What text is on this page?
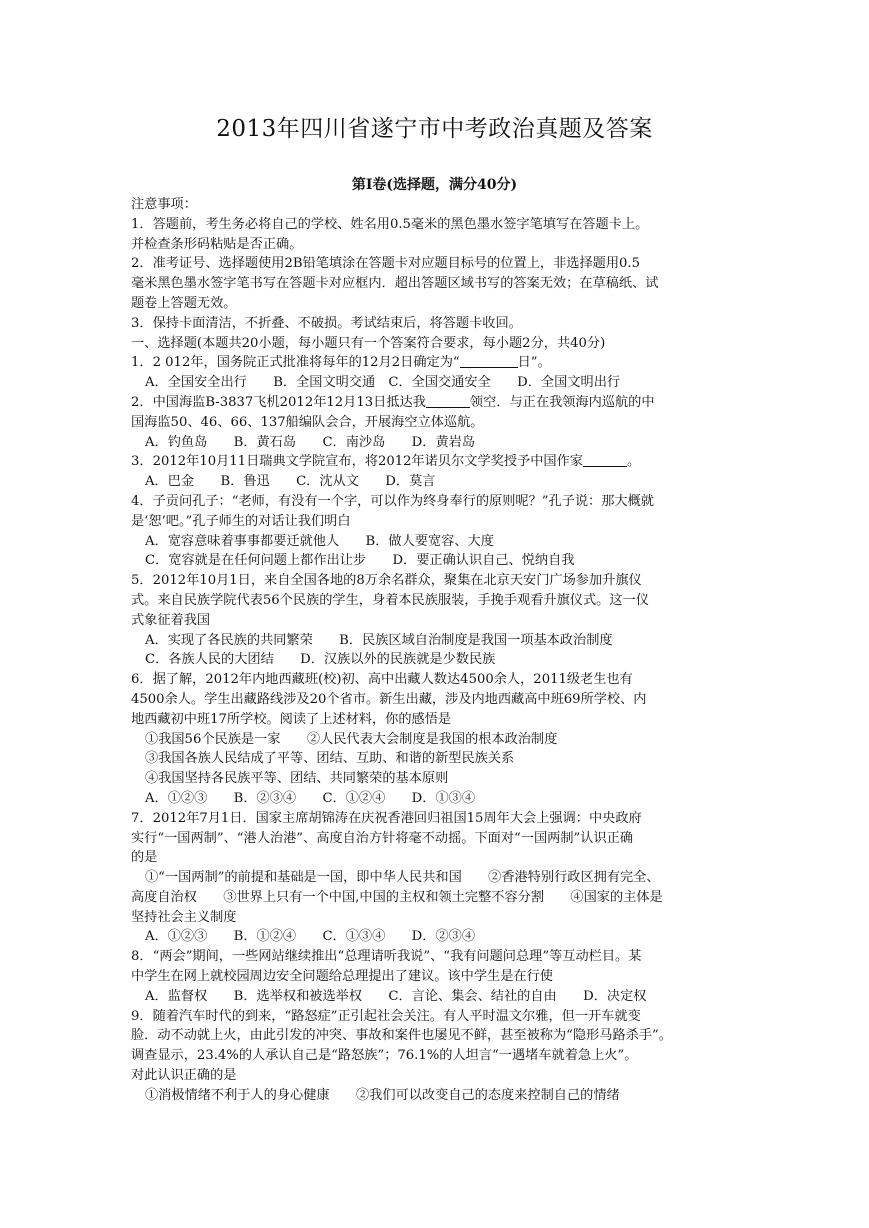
2013年四川省遂宁市中考政治真题及答案
第Ⅰ卷(选择题，满分40分)
注意事项：
1．答题前，考生务必将自己的学校、姓名用0.5毫米的黑色墨水签字笔填写在答题卡上。
并检查条形码粘贴是否正确。
2．准考证号、选择题使用2B铅笔填涂在答题卡对应题目标号的位置上，非选择题用0.5
毫米黑色墨水签字笔书写在答题卡对应框内．超出答题区域书写的答案无效；在草稿纸、试
题卷上答题无效。
3．保持卡面清洁，不折叠、不破损。考试结束后，将答题卡收回。
一、选择题(本题共20小题，每小题只有一个答案符合要求，每小题2分，共40分)
1．2 012年，国务院正式批准将每年的12月2日确定为“	日”。
A．全国安全出行　　B．全国文明交通　C．全国交通安全　　D．全国文明出行
2．中国海监B-3837飞机2012年12月13日抵达我	领空．与正在我领海内巡航的中
国海监50、46、66、137船编队会合，开展海空立体巡航。
A．钓鱼岛　　B．黄石岛　　C．南沙岛　　D．黄岩岛
3．2012年10月11日瑞典文学院宣布，将2012年诺贝尔文学奖授予中国作家	。
A．巴金　　B．鲁迅　　C．沈从文　　D．莫言
4．子贡问孔子：“老师，有没有一个字，可以作为终身奉行的原则呢？”孔子说：那大概就
是‘恕’吧。”孔子师生的对话让我们明白
A．宽容意味着事事都要迁就他人　　B．做人要宽容、大度
C．宽容就是在任何问题上都作出让步　　D．要正确认识自己、悦纳自我
5．2012年10月1日，来自全国各地的8万余名群众，聚集在北京天安门广场参加升旗仪
式。来自民族学院代表56个民族的学生，身着本民族服装，手挽手观看升旗仪式。这一仪
式象征着我国
A．实现了各民族的共同繁荣　　B．民族区域自治制度是我国一项基本政治制度
C．各族人民的大团结　　D．汉族以外的民族就是少数民族
6．据了解，2012年内地西藏班(校)初、高中出藏人数达4500余人，2011级老生也有
4500余人。学生出藏路线涉及20个省市。新生出藏，涉及内地西藏高中班69所学校、内
地西藏初中班17所学校。阅读了上述材料，你的感悟是
①我国56个民族是一家　　②人民代表大会制度是我国的根本政治制度
③我国各族人民结成了平等、团结、互助、和谐的新型民族关系
④我国坚持各民族平等、团结、共同繁荣的基本原则
A．①②③　　B．②③④　　C．①②④　　D．①③④
7．2012年7月1日．国家主席胡锦涛在庆祝香港回归祖国15周年大会上强调：中央政府
实行“一国两制”、“港人治港”、高度自治方针将毫不动摇。下面对“一国两制”认识正确
的是
①“一国两制”的前提和基础是一国，即中华人民共和国　　②香港特别行政区拥有完全、
高度自治权　　③世界上只有一个中国,中国的主权和领土完整不容分割　　④国家的主体是
坚持社会主义制度
A．①②③　　B．①②④　　C．①③④　　D．②③④
8．“两会”期间，一些网站继续推出“总理请听我说”、“我有问题问总理”等互动栏目。某
中学生在网上就校园周边安全问题给总理提出了建议。该中学生是在行使
A．监督权　　B．选举权和被选举权　　C．言论、集会、结社的自由　　D．决定权
9．随着汽车时代的到来，“路怒症”正引起社会关注。有人平时温文尔雅，但一开车就变
脸．动不动就上火，由此引发的冲突、事故和案件也屡见不鲜，甚至被称为“隐形马路杀手”。
调查显示，23.4%的人承认自己是“路怒族”；76.1%的人坦言“一遇堵车就着急上火”。
对此认识正确的是
①消极情绪不利于人的身心健康　　②我们可以改变自己的态度来控制自己的情绪
